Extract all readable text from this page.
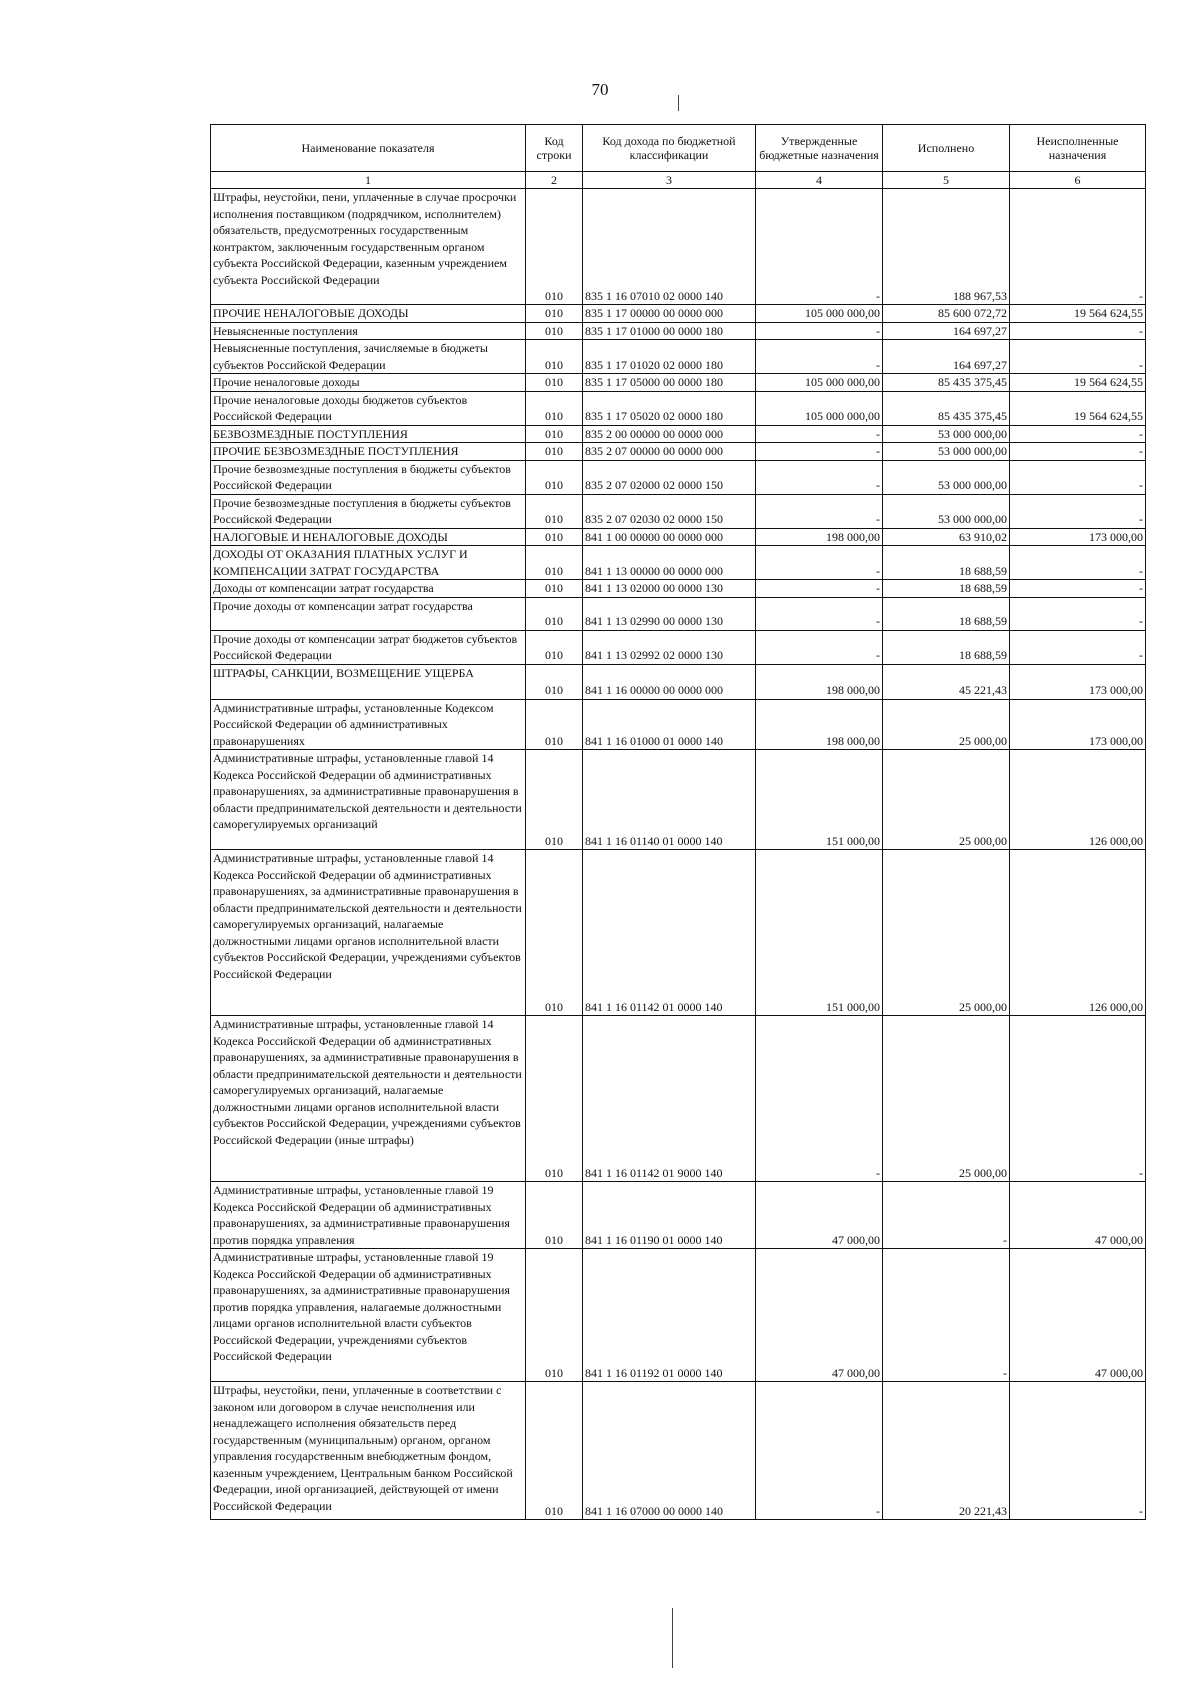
70
Наименование показателя	Код строки	Код дохода по бюджетной классификации	Утвержденные бюджетные назначения	Исполнено	Неисполненные назначения
1	2	3	4	5	6
Штрафы, неустойки, пени, уплаченные в случае просрочки исполнения поставщиком (подрядчиком, исполнителем) обязательств, предусмотренных государственным контрактом, заключенным государственным органом субъекта Российской Федерации, казенным учреждением субъекта Российской Федерации	010	835 1 16 07010 02 0000 140	-	188 967,53	-
ПРОЧИЕ НЕНАЛОГОВЫЕ ДОХОДЫ	010	835 1 17 00000 00 0000 000	105 000 000,00	85 600 072,72	19 564 624,55
Невыясненные поступления	010	835 1 17 01000 00 0000 180	-	164 697,27	-
Невыясненные поступления, зачисляемые в бюджеты субъектов Российской Федерации	010	835 1 17 01020 02 0000 180	-	164 697,27	-
Прочие неналоговые доходы	010	835 1 17 05000 00 0000 180	105 000 000,00	85 435 375,45	19 564 624,55
Прочие неналоговые доходы бюджетов субъектов Российской Федерации	010	835 1 17 05020 02 0000 180	105 000 000,00	85 435 375,45	19 564 624,55
БЕЗВОЗМЕЗДНЫЕ ПОСТУПЛЕНИЯ	010	835 2 00 00000 00 0000 000	-	53 000 000,00	-
ПРОЧИЕ БЕЗВОЗМЕЗДНЫЕ ПОСТУПЛЕНИЯ	010	835 2 07 00000 00 0000 000	-	53 000 000,00	-
Прочие безвозмездные поступления в бюджеты субъектов Российской Федерации	010	835 2 07 02000 02 0000 150	-	53 000 000,00	-
Прочие безвозмездные поступления в бюджеты субъектов Российской Федерации	010	835 2 07 02030 02 0000 150	-	53 000 000,00	-
НАЛОГОВЫЕ И НЕНАЛОГОВЫЕ ДОХОДЫ	010	841 1 00 00000 00 0000 000	198 000,00	63 910,02	173 000,00
ДОХОДЫ ОТ ОКАЗАНИЯ ПЛАТНЫХ УСЛУГ И КОМПЕНСАЦИИ ЗАТРАТ ГОСУДАРСТВА	010	841 1 13 00000 00 0000 000	-	18 688,59	-
Доходы от компенсации затрат государства	010	841 1 13 02000 00 0000 130	-	18 688,59	-
Прочие доходы от компенсации затрат государства	010	841 1 13 02990 00 0000 130	-	18 688,59	-
Прочие доходы от компенсации затрат бюджетов субъектов Российской Федерации	010	841 1 13 02992 02 0000 130	-	18 688,59	-
ШТРАФЫ, САНКЦИИ, ВОЗМЕЩЕНИЕ УЩЕРБА	010	841 1 16 00000 00 0000 000	198 000,00	45 221,43	173 000,00
Административные штрафы, установленные Кодексом Российской Федерации об административных правонарушениях	010	841 1 16 01000 01 0000 140	198 000,00	25 000,00	173 000,00
Административные штрафы, установленные главой 14 Кодекса Российской Федерации об административных правонарушениях, за административные правонарушения в области предпринимательской деятельности и деятельности саморегулируемых организаций	010	841 1 16 01140 01 0000 140	151 000,00	25 000,00	126 000,00
Административные штрафы, установленные главой 14 Кодекса Российской Федерации об административных правонарушениях, за административные правонарушения в области предпринимательской деятельности и деятельности саморегулируемых организаций, налагаемые должностными лицами органов исполнительной власти субъектов Российской Федерации, учреждениями субъектов Российской Федерации	010	841 1 16 01142 01 0000 140	151 000,00	25 000,00	126 000,00
Административные штрафы, установленные главой 14 Кодекса Российской Федерации об административных правонарушениях, за административные правонарушения в области предпринимательской деятельности и деятельности саморегулируемых организаций, налагаемые должностными лицами органов исполнительной власти субъектов Российской Федерации, учреждениями субъектов Российской Федерации (иные штрафы)	010	841 1 16 01142 01 9000 140	-	25 000,00	-
Административные штрафы, установленные главой 19 Кодекса Российской Федерации об административных правонарушениях, за административные правонарушения против порядка управления	010	841 1 16 01190 01 0000 140	47 000,00	-	47 000,00
Административные штрафы, установленные главой 19 Кодекса Российской Федерации об административных правонарушениях, за административные правонарушения против порядка управления, налагаемые должностными лицами органов исполнительной власти субъектов Российской Федерации, учреждениями субъектов Российской Федерации	010	841 1 16 01192 01 0000 140	47 000,00	-	47 000,00
Штрафы, неустойки, пени, уплаченные в соответствии с законом или договором в случае неисполнения или ненадлежащего исполнения обязательств перед государственным (муниципальным) органом, органом управления государственным внебюджетным фондом, казенным учреждением, Центральным банком Российской Федерации, иной организацией, действующей от имени Российской Федерации	010	841 1 16 07000 00 0000 140	-	20 221,43	-
